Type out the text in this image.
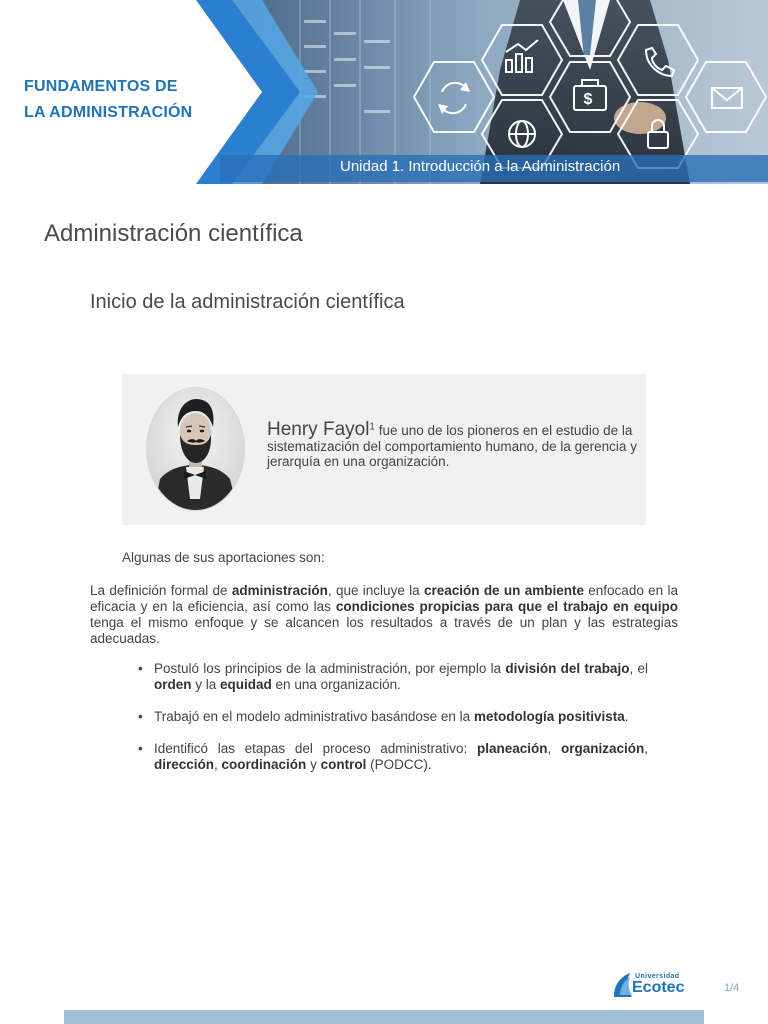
$
FUNDAMENTOS DE
LA ADMINISTRACIÓN
Unidad 1. Introducción a la Administración
Administración científica
Inicio de la administración científica
Henry Fayol$^1$ fue uno de los pioneros en el estudio de la sistematización del comportamiento humano, de la gerencia y jerarquía en una organización.

Algunas de sus aportaciones son:

La definición formal de administración, que incluye la creación de un ambiente enfocado en la eficacia y en la eficiencia, así como las condiciones propicias para que el trabajo en equipo tenga el mismo enfoque y se alcancen los resultados a través de un plan y las estrategias adecuadas.

• Postuló los principios de la administración, por ejemplo la división del trabajo, el orden y la equidad en una organización.
• Trabajó en el modelo administrativo basándose en la metodología positivista.
• Identificó las etapas del proceso administrativo: planeación, organización, dirección, coordinación y control (PODCC).
Universidad
Ecotec	1/4
